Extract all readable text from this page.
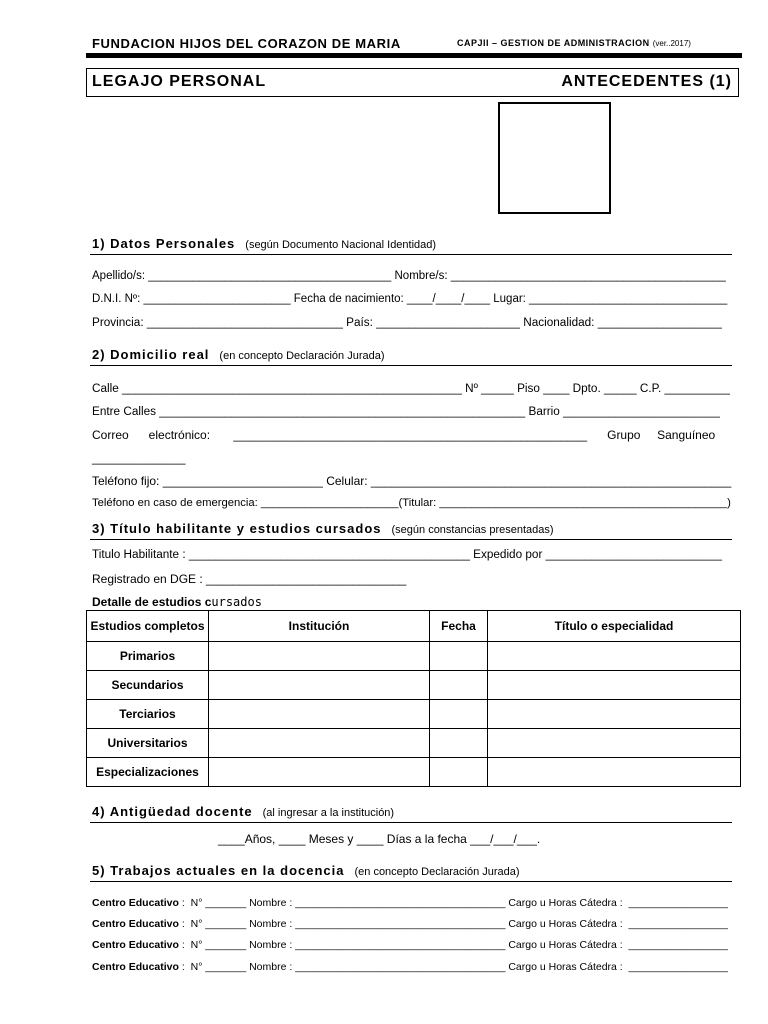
FUNDACION HIJOS DEL CORAZON DE MARIA	CAPJII – GESTION DE ADMINISTRACION (ver..2017)
LEGAJO PERSONAL	ANTECEDENTES (1)
1) Datos Personales (según Documento Nacional Identidad)
Apellido/s: ______________________________________ Nombre/s: ___________________________________________
D.N.I. Nº: _______________________ Fecha de nacimiento: ____/____/____ Lugar: _______________________________
Provincia: ______________________________ País: ______________________ Nacionalidad: ___________________
2) Domicilio real (en concepto Declaración Jurada)
Calle ____________________________________________________ Nº _____ Piso ____ Dpto. _____ C.P. __________
Entre Calles ________________________________________________________ Barrio ________________________
Correo      electrónico:       _____________________________________________________      Grupo     Sanguíneo
______________
Teléfono fijo: ________________________ Celular: ______________________________________________________
Teléfono en caso de emergencia: ______________________(Titular: ______________________________________________)
3) Título habilitante y estudios cursados (según constancias presentadas)
Titulo Habilitante : ___________________________________________ Expedido por ___________________________
Registrado en DGE : ______________________________
Detalle de estudios cursados
Estudios completos	Institución	Fecha	Título o especialidad
Primarios			
Secundarios			
Terciarios			
Universitarios			
Especializaciones			
4) Antigüedad docente (al ingresar a la institución)
____Años, ____ Meses y ____ Días a la fecha ___/___/___.
5) Trabajos actuales en la docencia (en concepto Declaración Jurada)
Centro Educativo :  N° _______ Nombre : ____________________________________ Cargo u Horas Cátedra :  _________________
Centro Educativo :  N° _______ Nombre : ____________________________________ Cargo u Horas Cátedra :  _________________
Centro Educativo :  N° _______ Nombre : ____________________________________ Cargo u Horas Cátedra :  _________________
Centro Educativo :  N° _______ Nombre : ____________________________________ Cargo u Horas Cátedra :  _________________
